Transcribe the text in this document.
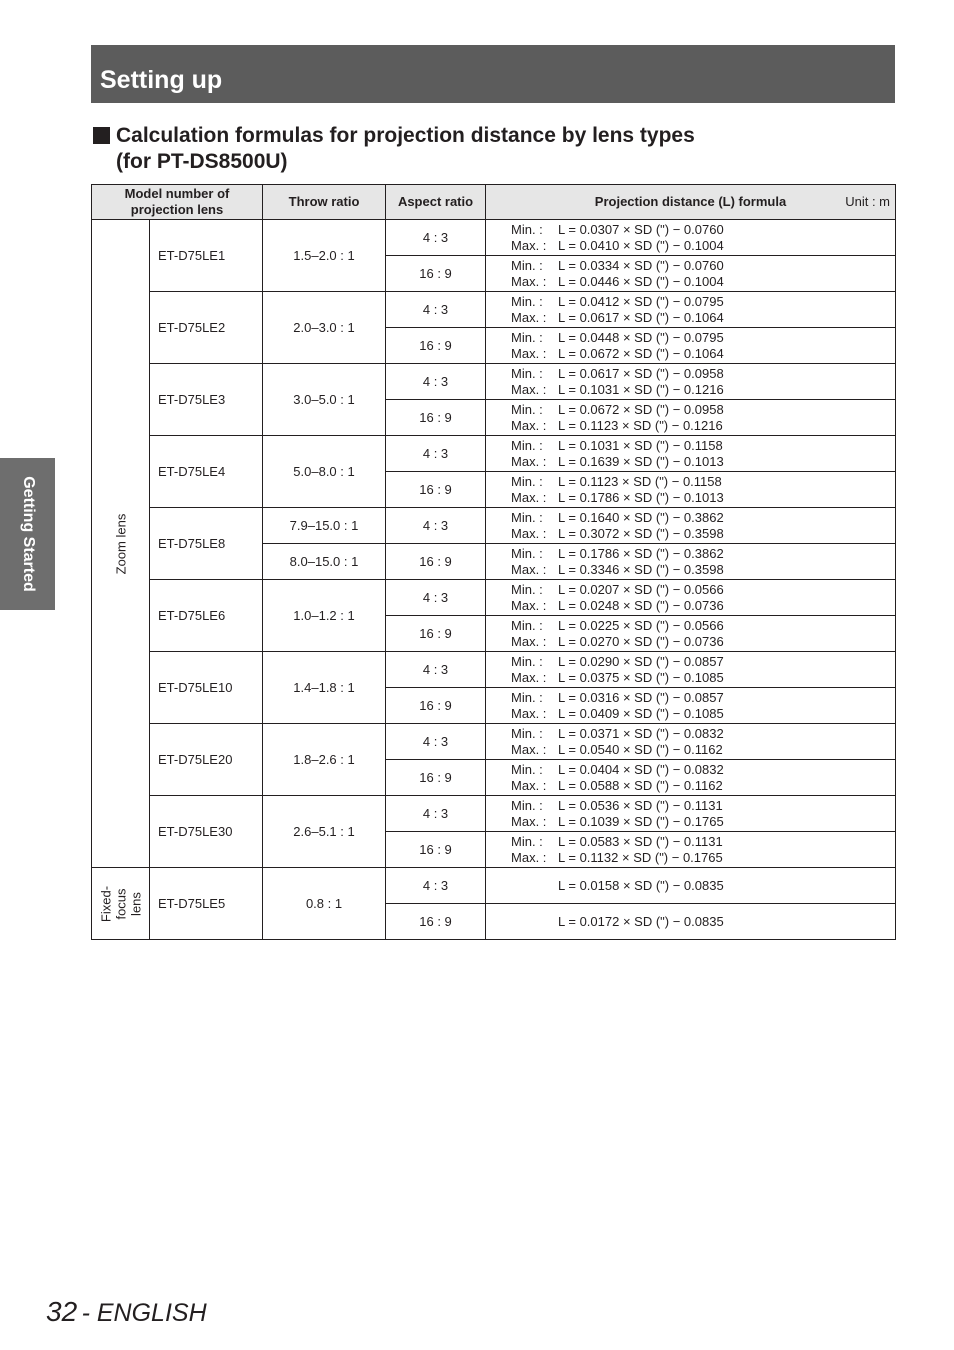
Setting up
Getting Started
Calculation formulas for projection distance by lens types
(for PT-DS8500U)
Model number of projection lens		Throw ratio	Aspect ratio	Projection distance (L) formula Unit : m

Zoom lens	ET-D75LE1	1.5–2.0 : 1	4 : 3	Min. : L = 0.0307 × SD (") − 0.0760
Max. : L = 0.0410 × SD (") − 0.1004

			16 : 9	Min. : L = 0.0334 × SD (") − 0.0760
Max. : L = 0.0446 × SD (") − 0.1004

	ET-D75LE2	2.0–3.0 : 1	4 : 3	Min. : L = 0.0412 × SD (") − 0.0795
Max. : L = 0.0617 × SD (") − 0.1064

			16 : 9	Min. : L = 0.0448 × SD (") − 0.0795
Max. : L = 0.0672 × SD (") − 0.1064

	ET-D75LE3	3.0–5.0 : 1	4 : 3	Min. : L = 0.0617 × SD (") − 0.0958
Max. : L = 0.1031 × SD (") − 0.1216

			16 : 9	Min. : L = 0.0672 × SD (") − 0.0958
Max. : L = 0.1123 × SD (") − 0.1216

	ET-D75LE4	5.0–8.0 : 1	4 : 3	Min. : L = 0.1031 × SD (") − 0.1158
Max. : L = 0.1639 × SD (") − 0.1013

			16 : 9	Min. : L = 0.1123 × SD (") − 0.1158
Max. : L = 0.1786 × SD (") − 0.1013

	ET-D75LE8	7.9–15.0 : 1	4 : 3	Min. : L = 0.1640 × SD (") − 0.3862
Max. : L = 0.3072 × SD (") − 0.3598

		8.0–15.0 : 1	16 : 9	Min. : L = 0.1786 × SD (") − 0.3862
Max. : L = 0.3346 × SD (") − 0.3598

	ET-D75LE6	1.0–1.2 : 1	4 : 3	Min. : L = 0.0207 × SD (") − 0.0566
Max. : L = 0.0248 × SD (") − 0.0736

			16 : 9	Min. : L = 0.0225 × SD (") − 0.0566
Max. : L = 0.0270 × SD (") − 0.0736

	ET-D75LE10	1.4–1.8 : 1	4 : 3	Min. : L = 0.0290 × SD (") − 0.0857
Max. : L = 0.0375 × SD (") − 0.1085

			16 : 9	Min. : L = 0.0316 × SD (") − 0.0857
Max. : L = 0.0409 × SD (") − 0.1085

	ET-D75LE20	1.8–2.6 : 1	4 : 3	Min. : L = 0.0371 × SD (") − 0.0832
Max. : L = 0.0540 × SD (") − 0.1162

			16 : 9	Min. : L = 0.0404 × SD (") − 0.0832
Max. : L = 0.0588 × SD (") − 0.1162

	ET-D75LE30	2.6–5.1 : 1	4 : 3	Min. : L = 0.0536 × SD (") − 0.1131
Max. : L = 0.1039 × SD (") − 0.1765

			16 : 9	Min. : L = 0.0583 × SD (") − 0.1131
Max. : L = 0.1132 × SD (") − 0.1765

Fixed- focus lens	ET-D75LE5	0.8 : 1	4 : 3	L = 0.0158 × SD (") − 0.0835
			16 : 9	L = 0.0172 × SD (") − 0.0835
32 - ENGLISH
